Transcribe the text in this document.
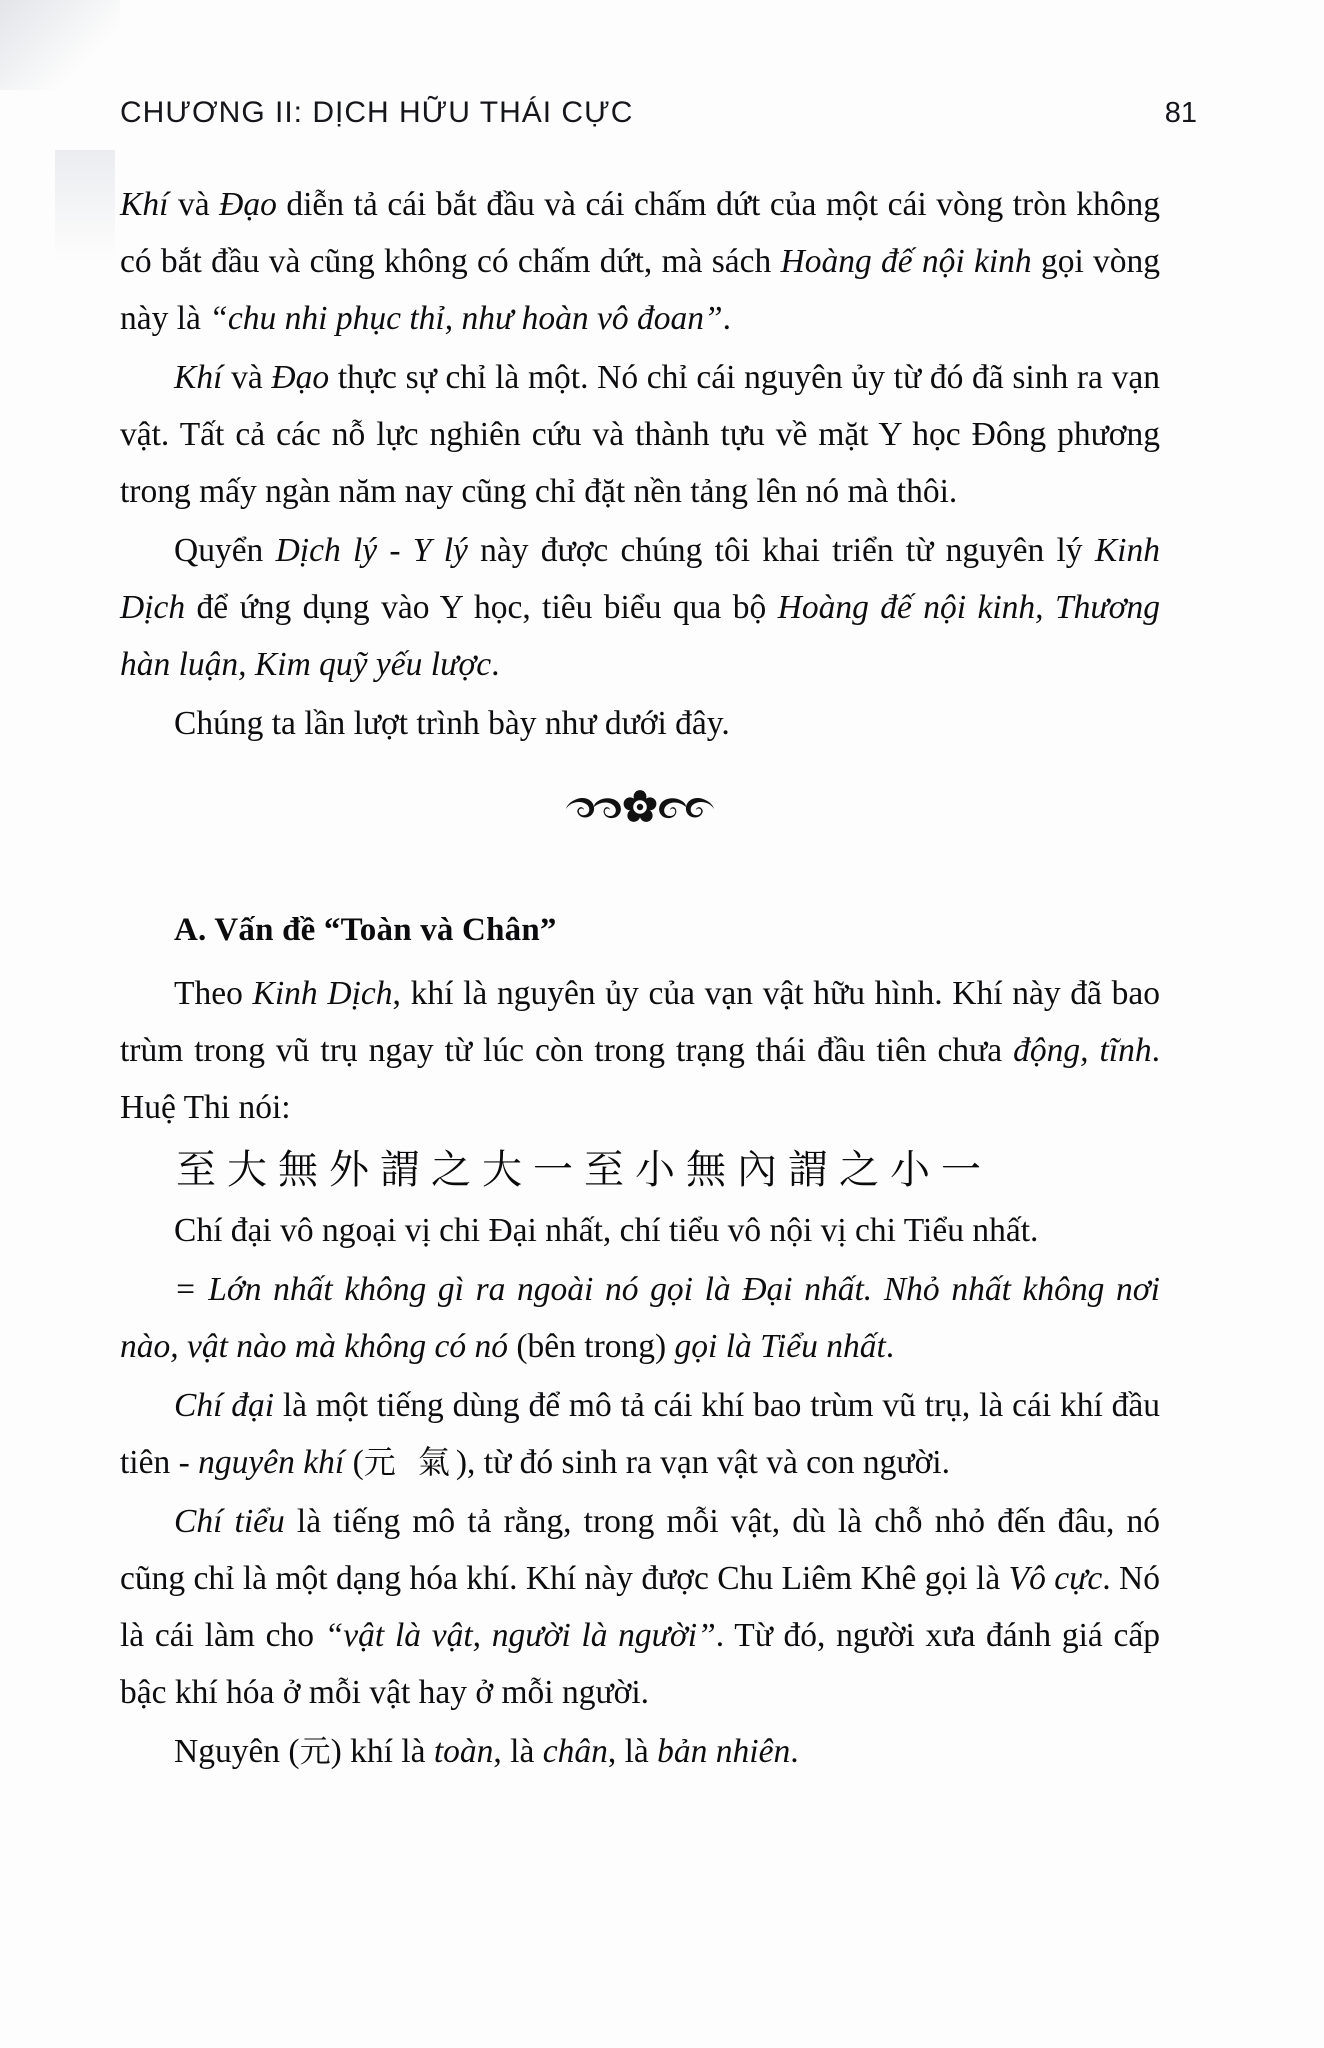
CHƯƠNG II: DỊCH HỮU THÁI CỰC	81

Khí và Đạo diễn tả cái bắt đầu và cái chấm dứt của một cái vòng tròn không có bắt đầu và cũng không có chấm dứt, mà sách Hoàng đế nội kinh gọi vòng này là “chu nhi phục thỉ, như hoàn vô đoan”.

Khí và Đạo thực sự chỉ là một. Nó chỉ cái nguyên ủy từ đó đã sinh ra vạn vật. Tất cả các nỗ lực nghiên cứu và thành tựu về mặt Y học Đông phương trong mấy ngàn năm nay cũng chỉ đặt nền tảng lên nó mà thôi.

Quyển Dịch lý - Y lý này được chúng tôi khai triển từ nguyên lý Kinh Dịch để ứng dụng vào Y học, tiêu biểu qua bộ Hoàng đế nội kinh, Thương hàn luận, Kim quỹ yếu lược.

Chúng ta lần lượt trình bày như dưới đây.

A. Vấn đề “Toàn và Chân”

Theo Kinh Dịch, khí là nguyên ủy của vạn vật hữu hình. Khí này đã bao trùm trong vũ trụ ngay từ lúc còn trong trạng thái đầu tiên chưa động, tĩnh. Huệ Thi nói:

至大無外謂之大一至小無內謂之小一

Chí đại vô ngoại vị chi Đại nhất, chí tiểu vô nội vị chi Tiểu nhất.

= Lớn nhất không gì ra ngoài nó gọi là Đại nhất. Nhỏ nhất không nơi nào, vật nào mà không có nó (bên trong) gọi là Tiểu nhất.

Chí đại là một tiếng dùng để mô tả cái khí bao trùm vũ trụ, là cái khí đầu tiên - nguyên khí (元 氣), từ đó sinh ra vạn vật và con người.

Chí tiểu là tiếng mô tả rằng, trong mỗi vật, dù là chỗ nhỏ đến đâu, nó cũng chỉ là một dạng hóa khí. Khí này được Chu Liêm Khê gọi là Vô cực. Nó là cái làm cho “vật là vật, người là người”. Từ đó, người xưa đánh giá cấp bậc khí hóa ở mỗi vật hay ở mỗi người.

Nguyên (元) khí là toàn, là chân, là bản nhiên.
